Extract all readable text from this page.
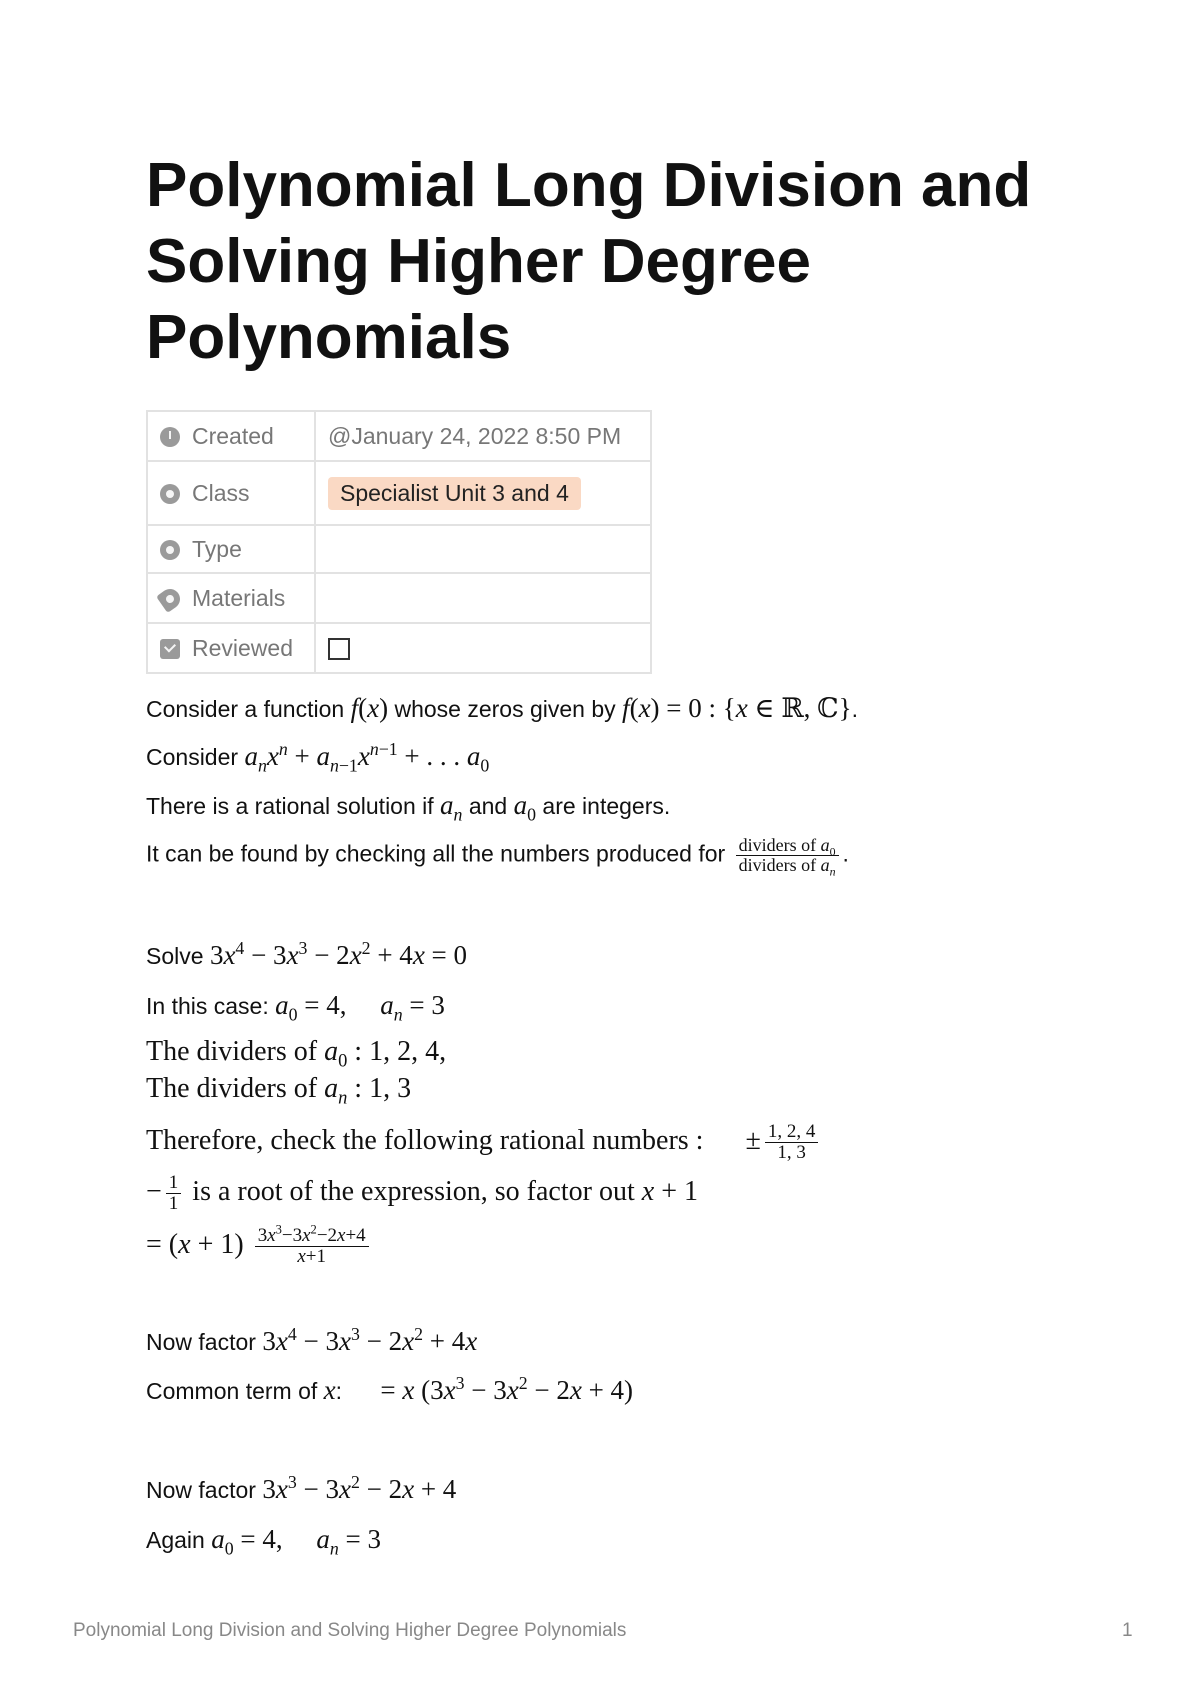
Polynomial Long Division and Solving Higher Degree Polynomials
Created	@January 24, 2022 8:50 PM
Class	Specialist Unit 3 and 4
Type	
Materials	
Reviewed	
Consider a function f(x) whose zeros given by f(x) = 0 : {x ∈ ℝ, ℂ}.
Consider $a_nx^n + a_{n-1}x^{n-1}$ + . . . $a_0$
There is a rational solution if $a_n$ and $a_0$ are integers.
It can be found by checking all the numbers produced for $\frac{dividers of a_0}{dividers of a_n}$ .
Solve $3x^4 - 3x^3 - 2x^2 + 4x = 0$
In this case: $a_0 = 4$,     $a_n = 3$
The dividers of $a_0$ : 1, 2, 4,
The dividers of $a_n$ : 1, 3
Therefore, check the following rational numbers :      ± $\frac{1, 2, 4}{1, 3}$
− $\frac{1}{1}$ is a root of the expression, so factor out x + 1
= $(x + 1) \frac{3x^3-3x^2-2x+4}{x+1}$
Now factor $3x^4 - 3x^3 - 2x^2 + 4x$
Common term of x:      = x $(3x^3 - 3x^2 - 2x + 4)$
Now factor $3x^3 - 3x^2 - 2x + 4$
Again $a_0 = 4$,     $a_n = 3$
Polynomial Long Division and Solving Higher Degree Polynomials	1
